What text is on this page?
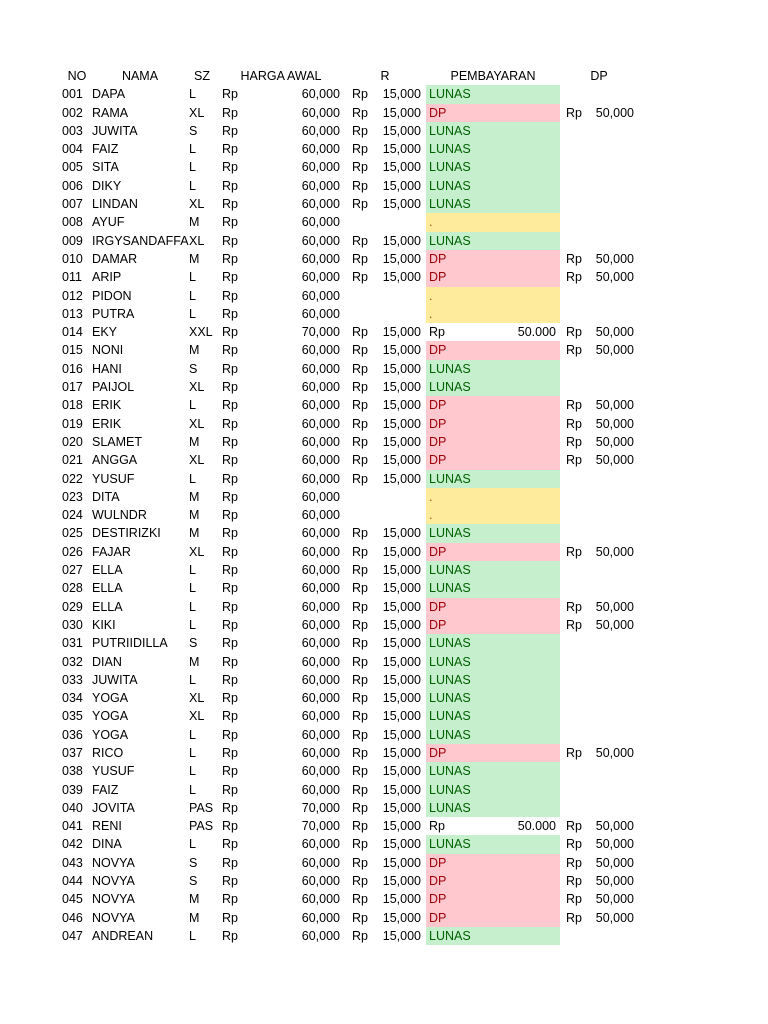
NO	NAMA	SZ	HARGA AWAL	R	PEMBAYARAN	DP
001 DAPA	L Rp	60,000 Rp	15,000 LUNAS
002 RAMA	XL Rp	60,000 Rp	15,000 DP	Rp	50,000
003 JUWITA	S Rp	60,000 Rp	15,000 LUNAS
004 FAIZ	L Rp	60,000 Rp	15,000 LUNAS
005 SITA	L Rp	60,000 Rp	15,000 LUNAS
006 DIKY	L Rp	60,000 Rp	15,000 LUNAS
007 LINDAN	XL Rp	60,000 Rp	15,000 LUNAS
008 AYUF	M Rp	60,000	.
009 IRGYSANDAFFA XL Rp	60,000 Rp	15,000 LUNAS
010 DAMAR	M Rp	60,000 Rp	15,000 DP	Rp	50,000
011 ARIP	L Rp	60,000 Rp	15,000 DP	Rp	50,000
012 PIDON	L Rp	60,000	.
013 PUTRA	L Rp	60,000	.
014 EKY	XXL Rp	70,000 Rp	15,000 Rp	50.000 Rp	50,000
015 NONI	M Rp	60,000 Rp	15,000 DP	Rp	50,000
016 HANI	S Rp	60,000 Rp	15,000 LUNAS
017 PAIJOL	XL Rp	60,000 Rp	15,000 LUNAS
018 ERIK	L Rp	60,000 Rp	15,000 DP	Rp	50,000
019 ERIK	XL Rp	60,000 Rp	15,000 DP	Rp	50,000
020 SLAMET	M Rp	60,000 Rp	15,000 DP	Rp	50,000
021 ANGGA	XL Rp	60,000 Rp	15,000 DP	Rp	50,000
022 YUSUF	L Rp	60,000 Rp	15,000 LUNAS
023 DITA	M Rp	60,000	.
024 WULNDR	M Rp	60,000	.
025 DESTIRIZKI M Rp	60,000 Rp	15,000 LUNAS
026 FAJAR	XL Rp	60,000 Rp	15,000 DP	Rp	50,000
027 ELLA	L Rp	60,000 Rp	15,000 LUNAS
028 ELLA	L Rp	60,000 Rp	15,000 LUNAS
029 ELLA	L Rp	60,000 Rp	15,000 DP	Rp	50,000
030 KIKI	L Rp	60,000 Rp	15,000 DP	Rp	50,000
031 PUTRIIDILLA S Rp	60,000 Rp	15,000 LUNAS
032 DIAN	M Rp	60,000 Rp	15,000 LUNAS
033 JUWITA	L Rp	60,000 Rp	15,000 LUNAS
034 YOGA	XL Rp	60,000 Rp	15,000 LUNAS
035 YOGA	XL Rp	60,000 Rp	15,000 LUNAS
036 YOGA	L Rp	60,000 Rp	15,000 LUNAS
037 RICO	L Rp	60,000 Rp	15,000 DP	Rp	50,000
038 YUSUF	L Rp	60,000 Rp	15,000 LUNAS
039 FAIZ	L Rp	60,000 Rp	15,000 LUNAS
040 JOVITA	PAS Rp	70,000 Rp	15,000 LUNAS
041 RENI	PAS Rp	70,000 Rp	15,000 Rp	50.000 Rp	50,000
042 DINA	L Rp	60,000 Rp	15,000 LUNAS	Rp	50,000
043 NOVYA	S Rp	60,000 Rp	15,000 DP	Rp	50,000
044 NOVYA	S Rp	60,000 Rp	15,000 DP	Rp	50,000
045 NOVYA	M Rp	60,000 Rp	15,000 DP	Rp	50,000
046 NOVYA	M Rp	60,000 Rp	15,000 DP	Rp	50,000
047 ANDREAN	L Rp	60,000 Rp	15,000 LUNAS
